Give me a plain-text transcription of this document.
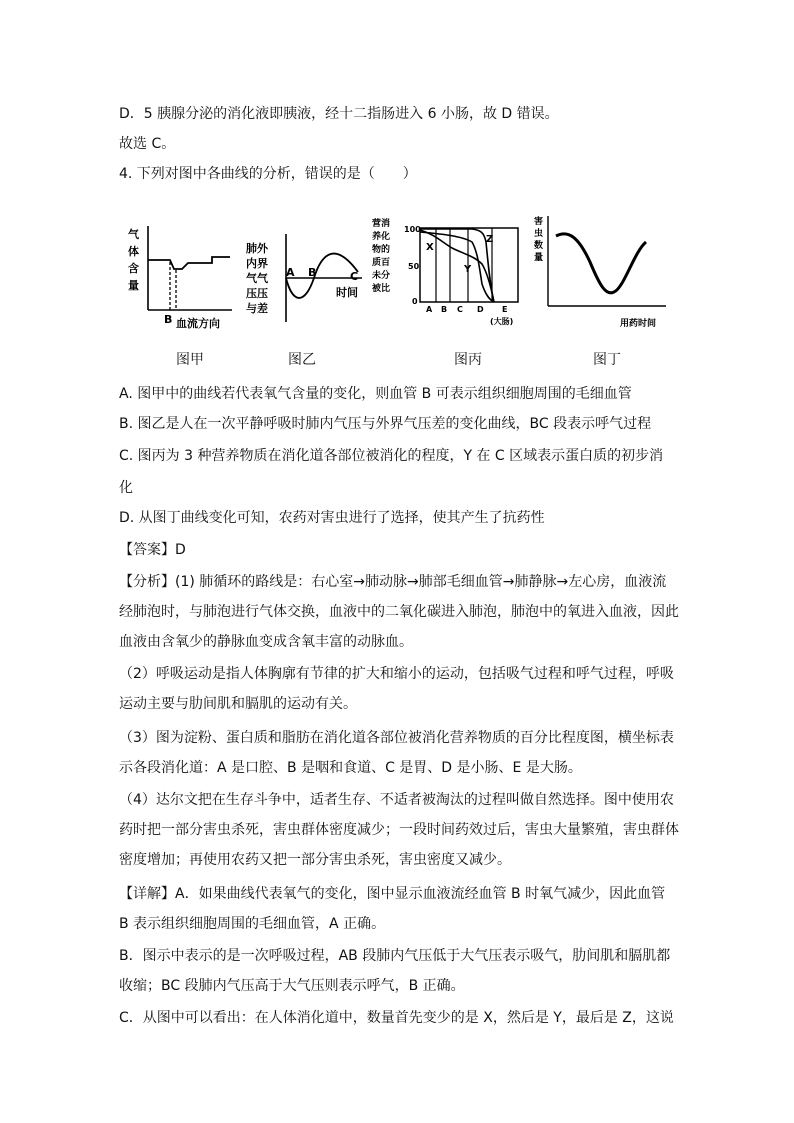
D．5 胰腺分泌的消化液即胰液，经十二指肠进入 6 小肠，故 D 错误。
故选 C。
4. 下列对图中各曲线的分析，错误的是（　　）
气
体
含
量
B 血流方向
图甲
肺外
内界
气气
压压
与差
A B	C
时间
图乙
营消
养化
物的
质百
未分
被比
100
50
0
X
Y
Z
A B C D E
(大肠)
图丙
害
虫
数
量
用药时间
图丁
A. 图甲中的曲线若代表氧气含量的变化，则血管 B 可表示组织细胞周围的毛细血管
B. 图乙是人在一次平静呼吸时肺内气压与外界气压差的变化曲线，BC 段表示呼气过程
C. 图丙为 3 种营养物质在消化道各部位被消化的程度，Y 在 C 区域表示蛋白质的初步消
化
D. 从图丁曲线变化可知，农药对害虫进行了选择，使其产生了抗药性
【答案】D
【分析】(1) 肺循环的路线是：右心室→肺动脉→肺部毛细血管→肺静脉→左心房，血液流
经肺泡时，与肺泡进行气体交换，血液中的二氧化碳进入肺泡，肺泡中的氧进入血液，因此
血液由含氧少的静脉血变成含氧丰富的动脉血。
（2）呼吸运动是指人体胸廓有节律的扩大和缩小的运动，包括吸气过程和呼气过程，呼吸
运动主要与肋间肌和膈肌的运动有关。
（3）图为淀粉、蛋白质和脂肪在消化道各部位被消化营养物质的百分比程度图，横坐标表
示各段消化道：A 是口腔、B 是咽和食道、C 是胃、D 是小肠、E 是大肠。
（4）达尔文把在生存斗争中，适者生存、不适者被淘汰的过程叫做自然选择。图中使用农
药时把一部分害虫杀死，害虫群体密度减少；一段时间药效过后，害虫大量繁殖，害虫群体
密度增加；再使用农药又把一部分害虫杀死，害虫密度又减少。
【详解】A．如果曲线代表氧气的变化，图中显示血液流经血管 B 时氧气减少，因此血管
B 表示组织细胞周围的毛细血管，A 正确。
B．图示中表示的是一次呼吸过程，AB 段肺内气压低于大气压表示吸气，肋间肌和膈肌都
收缩；BC 段肺内气压高于大气压则表示呼气，B 正确。
C．从图中可以看出：在人体消化道中，数量首先变少的是 X，然后是 Y，最后是 Z，这说
